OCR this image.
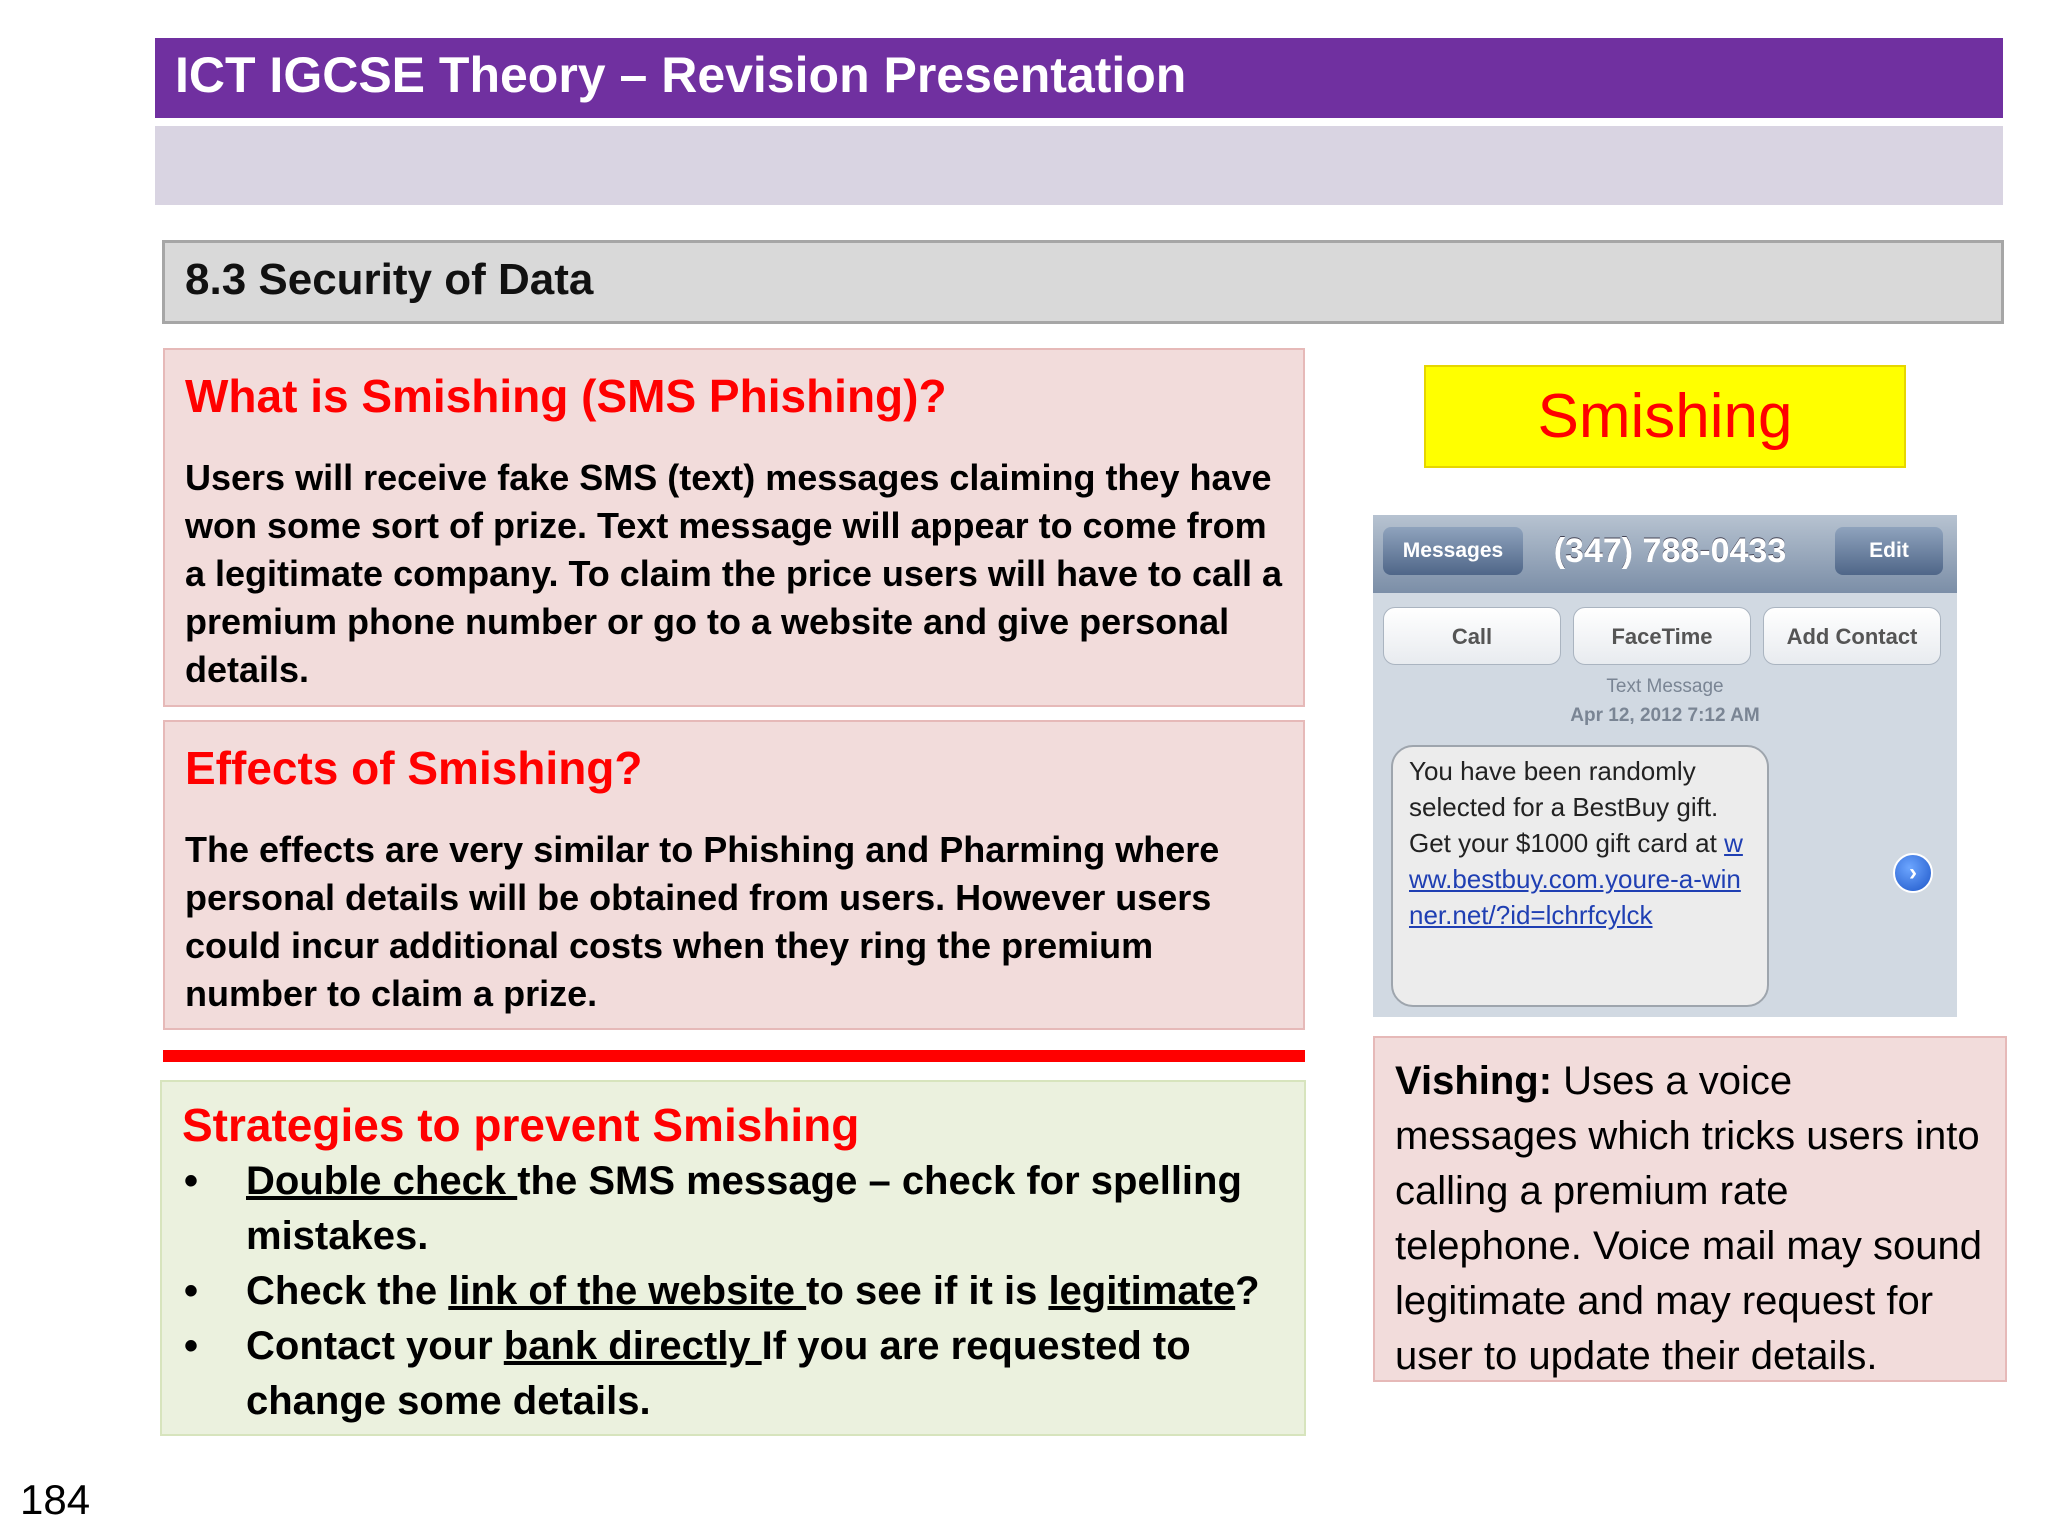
ICT IGCSE Theory – Revision Presentation
8.3 Security of Data
What is Smishing (SMS Phishing)?

Users will receive fake SMS (text) messages claiming they have won some sort of prize. Text message will appear to come from a legitimate company. To claim the price users will have to call a premium phone number or go to a website and give personal details.

Effects of Smishing?

The effects are very similar to Phishing and Pharming where personal details will be obtained from users. However users could incur additional costs when they ring the premium number to claim a prize.

Strategies to prevent Smishing
• Double check the SMS message – check for spelling mistakes.
• Check the link of the website to see if it is legitimate?
• Contact your bank directly If you are requested to change some details.
Smishing
Messages	(347) 788-0433	Edit
Call	FaceTime	Add Contact
Text Message
Apr 12, 2012 7:12 AM
You have been randomly selected for a BestBuy gift. Get your $1000 gift card at www.bestbuy.com.youre-a-winner.net/?id=lchrfcylck
›
Vishing: Uses a voice messages which tricks users into calling a premium rate telephone. Voice mail may sound legitimate and may request for user to update their details.
184
